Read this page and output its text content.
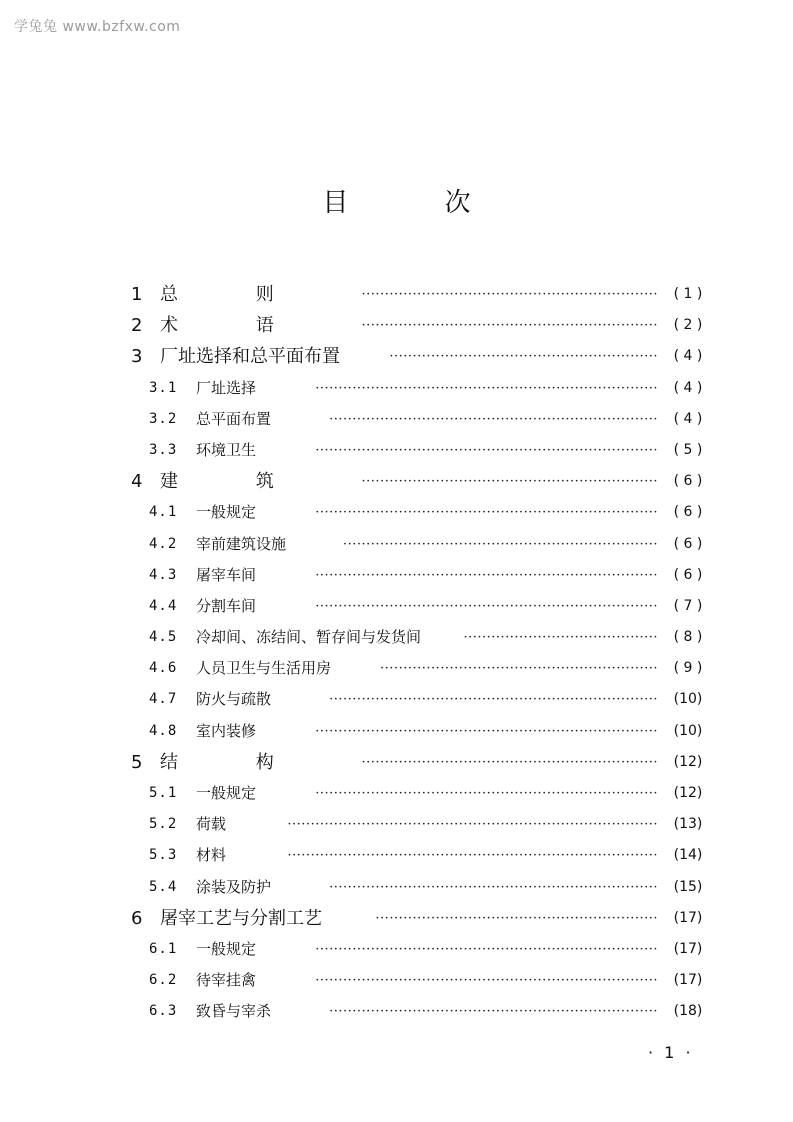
学兔兔 www.bzfxw.com
目 次
1 总 则	································································	( 1 )
2 术 语	································································	( 2 )
3 厂址选择和总平面布置	··························································	( 4 )
3.1 厂址选择	··········································································	( 4 )
3.2 总平面布置	·······································································	( 4 )
3.3 环境卫生	··········································································	( 5 )
4 建 筑	································································	( 6 )
4.1 一般规定	··········································································	( 6 )
4.2 宰前建筑设施	····································································	( 6 )
4.3 屠宰车间	··········································································	( 6 )
4.4 分割车间	··········································································	( 7 )
4.5 冷却间、冻结间、暂存间与发货间	··········································	( 8 )
4.6 人员卫生与生活用房	····························································	( 9 )
4.7 防火与疏散	·······································································	(10)
4.8 室内装修	··········································································	(10)
5 结 构	································································	(12)
5.1 一般规定	··········································································	(12)
5.2 荷载	················································································	(13)
5.3 材料	················································································	(14)
5.4 涂装及防护	·······································································	(15)
6 屠宰工艺与分割工艺	·····························································	(17)
6.1 一般规定	··········································································	(17)
6.2 待宰挂禽	··········································································	(17)
6.3 致昏与宰杀	·······································································	(18)
· 1 ·
